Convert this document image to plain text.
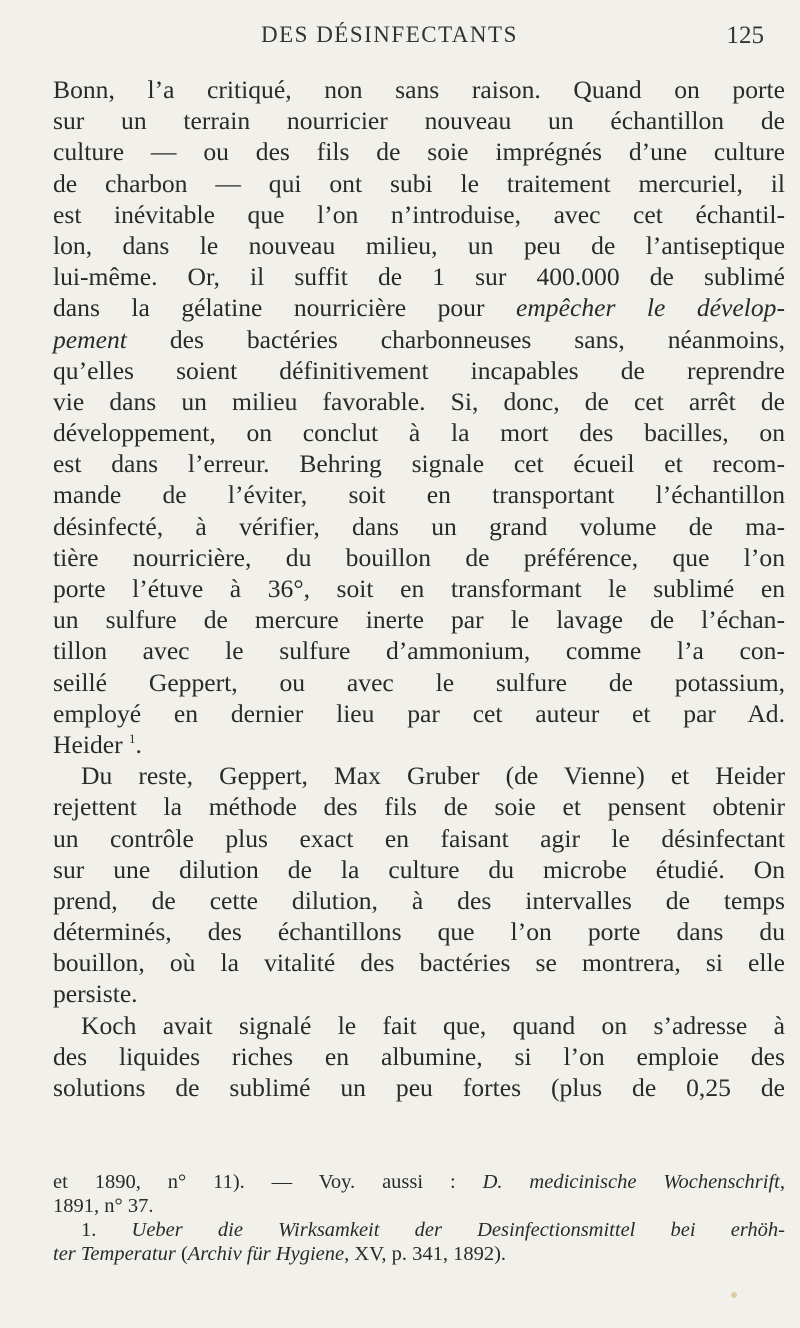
DES DÉSINFECTANTS	125
Bonn, l’a critiqué, non sans raison. Quand on porte
sur un terrain nourricier nouveau un échantillon de
culture — ou des fils de soie imprégnés d’une culture
de charbon — qui ont subi le traitement mercuriel, il
est inévitable que l’on n’introduise, avec cet échantil-
lon, dans le nouveau milieu, un peu de l’antiseptique
lui-même. Or, il suffit de 1 sur 400.000 de sublimé
dans la gélatine nourricière pour empêcher le dévelop-
pement des bactéries charbonneuses sans, néanmoins,
qu’elles soient définitivement incapables de reprendre
vie dans un milieu favorable. Si, donc, de cet arrêt de
développement, on conclut à la mort des bacilles, on
est dans l’erreur. Behring signale cet écueil et recom-
mande de l’éviter, soit en transportant l’échantillon
désinfecté, à vérifier, dans un grand volume de ma-
tière nourricière, du bouillon de préférence, que l’on
porte l’étuve à 36°, soit en transformant le sublimé en
un sulfure de mercure inerte par le lavage de l’échan-
tillon avec le sulfure d’ammonium, comme l’a con-
seillé Geppert, ou avec le sulfure de potassium,
employé en dernier lieu par cet auteur et par Ad.
Heider $^1$.
Du reste, Geppert, Max Gruber (de Vienne) et Heider
rejettent la méthode des fils de soie et pensent obtenir
un contrôle plus exact en faisant agir le désinfectant
sur une dilution de la culture du microbe étudié. On
prend, de cette dilution, à des intervalles de temps
déterminés, des échantillons que l’on porte dans du
bouillon, où la vitalité des bactéries se montrera, si elle
persiste.
Koch avait signalé le fait que, quand on s’adresse à
des liquides riches en albumine, si l’on emploie des
solutions de sublimé un peu fortes (plus de 0,25 de
et 1890, n° 11). — Voy. aussi : D. medicinische Wochenschrift,
1891, n° 37.
1. Ueber die Wirksamkeit der Desinfectionsmittel bei erhöh-
ter Temperatur (Archiv für Hygiene, XV, p. 341, 1892).
